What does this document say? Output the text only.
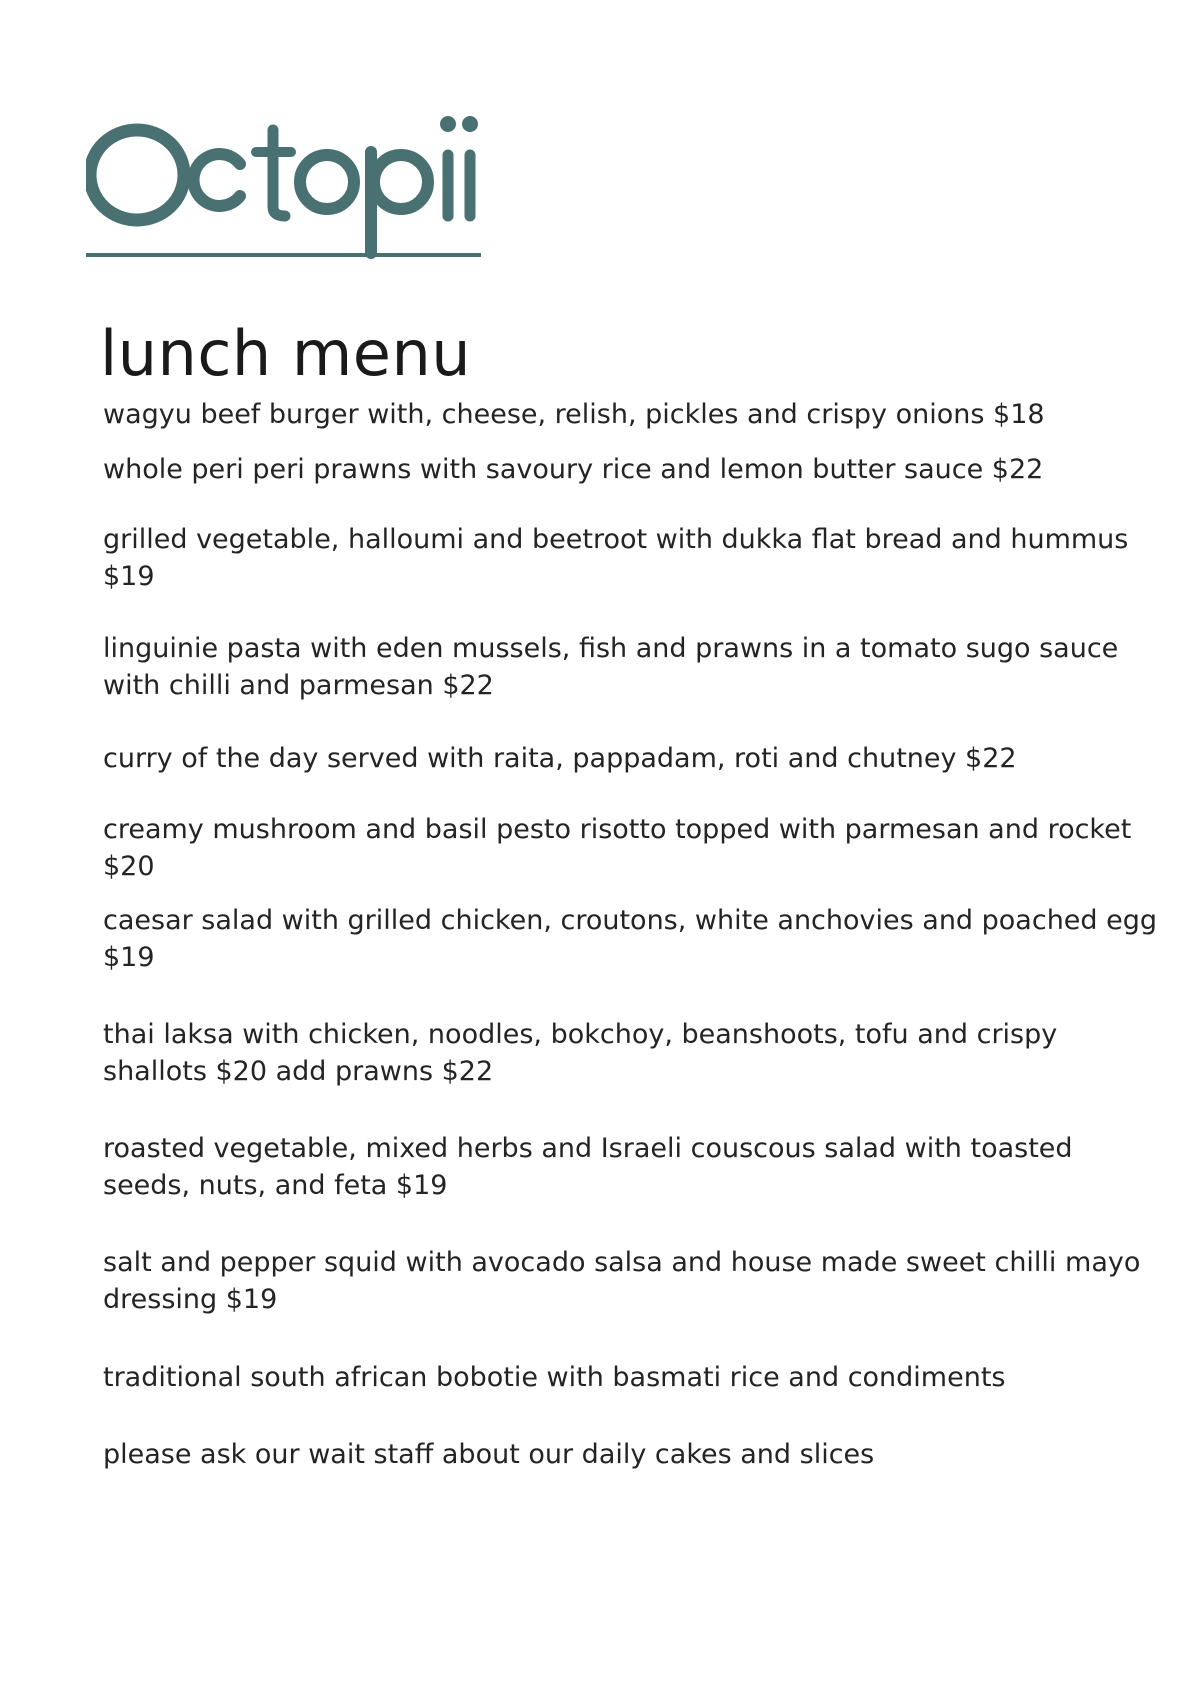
lunch menu

wagyu beef burger with, cheese, relish, pickles and crispy onions $18

whole peri peri prawns with savoury rice and lemon butter sauce $22

grilled vegetable, halloumi and beetroot with dukka flat bread and hummus $19

linguinie pasta with eden mussels, fish and prawns in a tomato sugo sauce with chilli and parmesan $22

curry of the day served with raita, pappadam, roti and chutney $22

creamy mushroom and basil pesto risotto topped with parmesan and rocket $20

caesar salad with grilled chicken, croutons, white anchovies and poached egg $19

thai laksa with chicken, noodles, bokchoy, beanshoots, tofu and crispy shallots $20 add prawns $22

roasted vegetable, mixed herbs and Israeli couscous salad with toasted seeds, nuts, and feta $19

salt and pepper squid with avocado salsa and house made sweet chilli mayo dressing $19

traditional south african bobotie with basmati rice and condiments

please ask our wait staff about our daily cakes and slices
